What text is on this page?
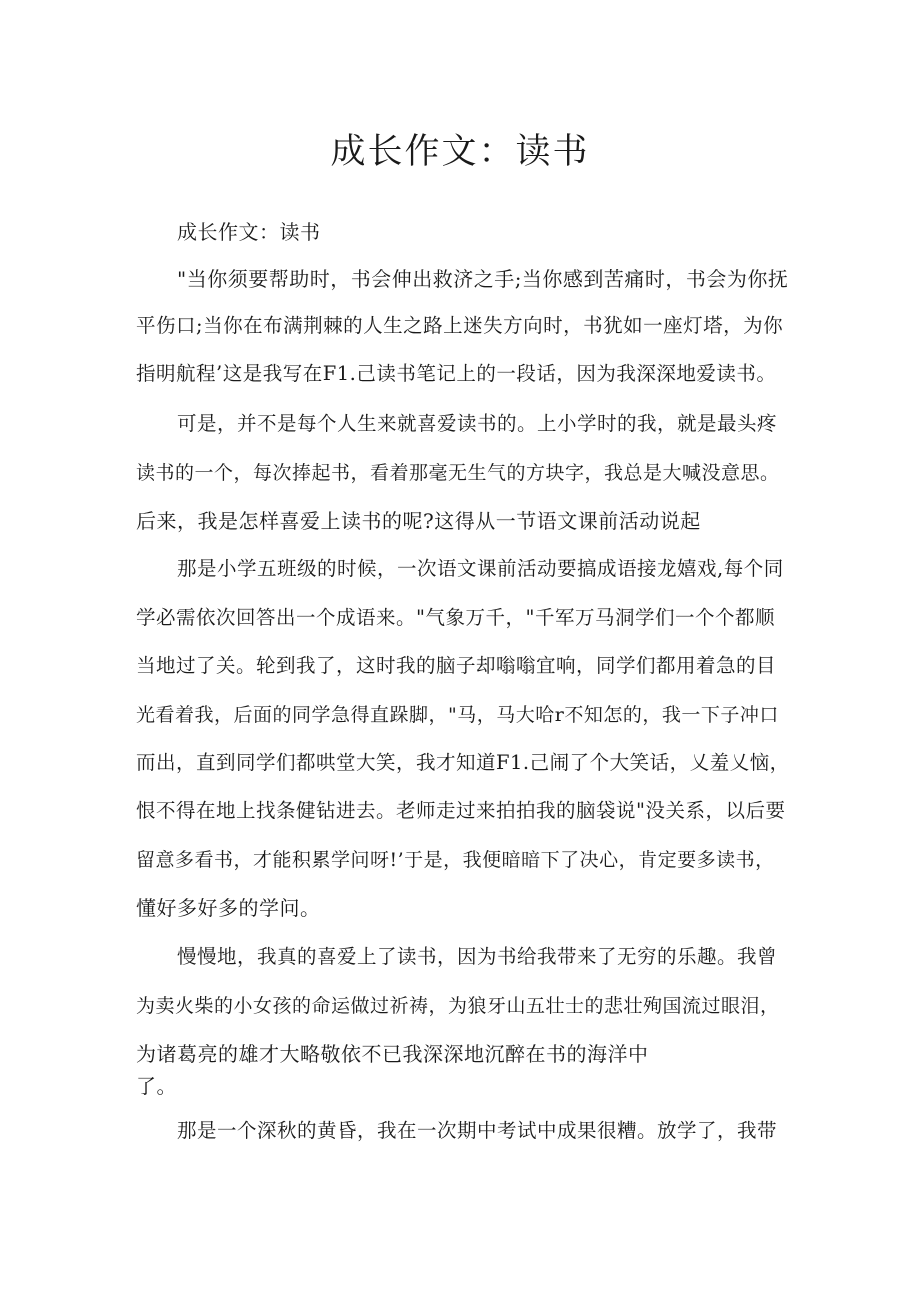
成长作文：读书
成长作文：读书
"当你须要帮助时，书会伸出救济之手;当你感到苦痛时，书会为你抚
平伤口;当你在布满荆棘的人生之路上迷失方向时，书犹如一座灯塔，为你
指明航程’这是我写在F1.己读书笔记上的一段话，因为我深深地爱读书。
可是，并不是每个人生来就喜爱读书的。上小学时的我，就是最头疼
读书的一个，每次捧起书，看着那毫无生气的方块字，我总是大喊没意思。
后来，我是怎样喜爱上读书的呢?这得从一节语文课前活动说起
那是小学五班级的时候，一次语文课前活动要搞成语接龙嬉戏,每个同
学必需依次回答出一个成语来。"气象万千，"千军万马洞学们一个个都顺
当地过了关。轮到我了，这时我的脑子却嗡嗡宜响，同学们都用着急的目
光看着我，后面的同学急得直跺脚，"马，马大哈r不知怎的，我一下子冲口
而出，直到同学们都哄堂大笑，我才知道F1.己闹了个大笑话，乂羞乂恼，
恨不得在地上找条健钻进去。老师走过来拍拍我的脑袋说"没关系，以后要
留意多看书，才能积累学问呀!’于是，我便暗暗下了决心，肯定要多读书，
懂好多好多的学问。
慢慢地，我真的喜爱上了读书，因为书给我带来了无穷的乐趣。我曾
为卖火柴的小女孩的命运做过祈祷，为狼牙山五壮士的悲壮殉国流过眼泪，
为诸葛亮的雄才大略敬依不已我深深地沉醉在书的海洋中
了。
那是一个深秋的黄昏，我在一次期中考试中成果很糟。放学了，我带
